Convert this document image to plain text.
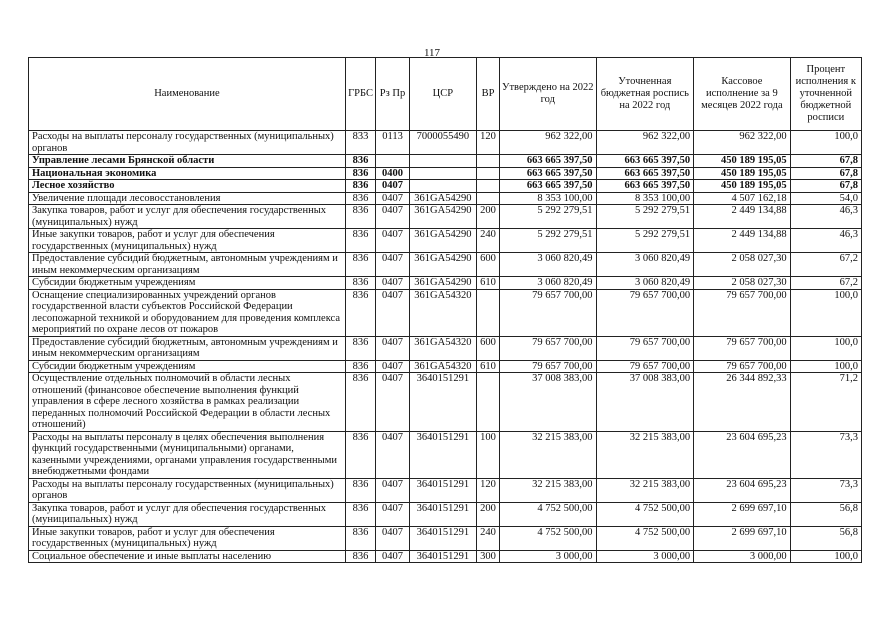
117
Наименование	ГРБС	Рз Пр	ЦСР	ВР	Утверждено на 2022 год	Уточненная бюджетная роспись на 2022 год	Кассовое исполнение за 9 месяцев 2022 года	Процент исполнения к уточненной бюджетной росписи
Расходы на выплаты персоналу государственных (муниципальных) органов	833	0113	7000055490	120	962 322,00	962 322,00	962 322,00	100,0
Управление лесами Брянской области	836				663 665 397,50	663 665 397,50	450 189 195,05	67,8
Национальная экономика	836	0400			663 665 397,50	663 665 397,50	450 189 195,05	67,8
Лесное хозяйство	836	0407			663 665 397,50	663 665 397,50	450 189 195,05	67,8
Увеличение площади лесовосстановления	836	0407	361GA54290		8 353 100,00	8 353 100,00	4 507 162,18	54,0
Закупка товаров, работ и услуг для обеспечения государственных (муниципальных) нужд	836	0407	361GA54290	200	5 292 279,51	5 292 279,51	2 449 134,88	46,3
Иные закупки товаров, работ и услуг для обеспечения государственных (муниципальных) нужд	836	0407	361GA54290	240	5 292 279,51	5 292 279,51	2 449 134,88	46,3
Предоставление субсидий бюджетным, автономным учреждениям и иным некоммерческим организациям	836	0407	361GA54290	600	3 060 820,49	3 060 820,49	2 058 027,30	67,2
Субсидии бюджетным учреждениям	836	0407	361GA54290	610	3 060 820,49	3 060 820,49	2 058 027,30	67,2
Оснащение специализированных учреждений органов государственной власти субъектов Российской Федерации лесопожарной техникой и оборудованием для проведения комплекса мероприятий по охране лесов от пожаров	836	0407	361GA54320		79 657 700,00	79 657 700,00	79 657 700,00	100,0
Предоставление субсидий бюджетным, автономным учреждениям и иным некоммерческим организациям	836	0407	361GA54320	600	79 657 700,00	79 657 700,00	79 657 700,00	100,0
Субсидии бюджетным учреждениям	836	0407	361GA54320	610	79 657 700,00	79 657 700,00	79 657 700,00	100,0
Осуществление отдельных полномочий в области лесных отношений (финансовое обеспечение выполнения функций управления в сфере лесного хозяйства в рамках реализации переданных полномочий Российской Федерации в области лесных отношений)	836	0407	3640151291		37 008 383,00	37 008 383,00	26 344 892,33	71,2
Расходы на выплаты персоналу в целях обеспечения выполнения функций государственными (муниципальными) органами, казенными учреждениями, органами управления государственными внебюджетными фондами	836	0407	3640151291	100	32 215 383,00	32 215 383,00	23 604 695,23	73,3
Расходы на выплаты персоналу государственных (муниципальных) органов	836	0407	3640151291	120	32 215 383,00	32 215 383,00	23 604 695,23	73,3
Закупка товаров, работ и услуг для обеспечения государственных (муниципальных) нужд	836	0407	3640151291	200	4 752 500,00	4 752 500,00	2 699 697,10	56,8
Иные закупки товаров, работ и услуг для обеспечения государственных (муниципальных) нужд	836	0407	3640151291	240	4 752 500,00	4 752 500,00	2 699 697,10	56,8
Социальное обеспечение и иные выплаты населению	836	0407	3640151291	300	3 000,00	3 000,00	3 000,00	100,0
